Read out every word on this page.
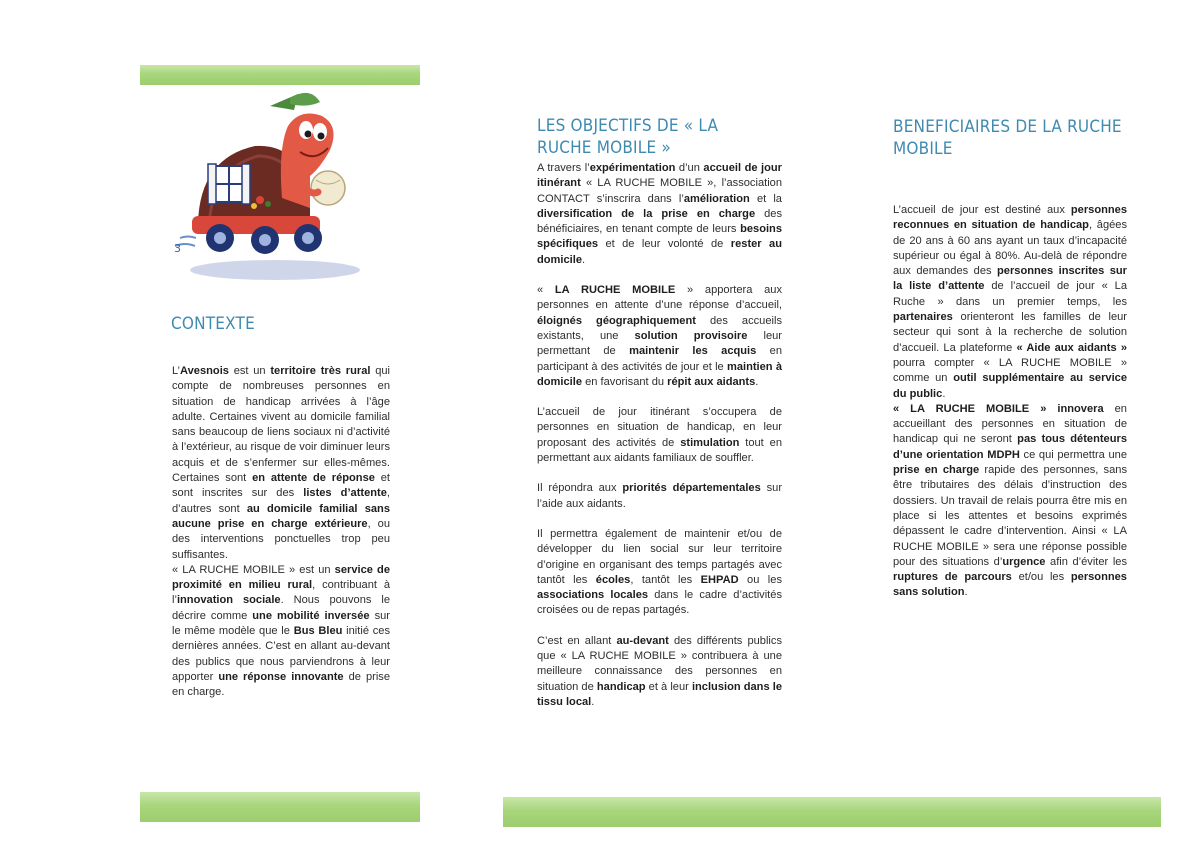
3
CONTEXTE

L’Avesnois est un territoire très rural qui compte de nombreuses personnes en situation de handicap arrivées à l’âge adulte. Certaines vivent au domicile familial sans beaucoup de liens sociaux ni d’activité à l’extérieur, au risque de voir diminuer leurs acquis et de s’enfermer sur elles-mêmes. Certaines sont en attente de réponse et sont inscrites sur des listes d’attente, d’autres sont au domicile familial sans aucune prise en charge extérieure, ou des interventions ponctuelles trop peu suffisantes.

« LA RUCHE MOBILE » est un service de proximité en milieu rural, contribuant à l’innovation sociale. Nous pouvons le décrire comme une mobilité inversée sur le même modèle que le Bus Bleu initié ces dernières années. C’est en allant au-devant des publics que nous parviendrons à leur apporter une réponse innovante de prise en charge.

LES OBJECTIFS DE « LA RUCHE MOBILE »

A travers l’expérimentation d’un accueil de jour itinérant « LA RUCHE MOBILE », l’association CONTACT s’inscrira dans l’amélioration et la diversification de la prise en charge des bénéficiaires, en tenant compte de leurs besoins spécifiques et de leur volonté de rester au domicile.

« LA RUCHE MOBILE » apportera aux personnes en attente d’une réponse d’accueil, éloignés géographiquement des accueils existants, une solution provisoire leur permettant de maintenir les acquis en participant à des activités de jour et le maintien à domicile en favorisant du répit aux aidants.

L’accueil de jour itinérant s’occupera de personnes en situation de handicap, en leur proposant des activités de stimulation tout en permettant aux aidants familiaux de souffler.

Il répondra aux priorités départementales sur l’aide aux aidants.

Il permettra également de maintenir et/ou de développer du lien social sur leur territoire d’origine en organisant des temps partagés avec tantôt les écoles, tantôt les EHPAD ou les associations locales dans le cadre d’activités croisées ou de repas partagés.

C’est en allant au-devant des différents publics que « LA RUCHE MOBILE » contribuera à une meilleure connaissance des personnes en situation de handicap et à leur inclusion dans le tissu local.

BENEFICIAIRES DE LA RUCHE MOBILE

L’accueil de jour est destiné aux personnes reconnues en situation de handicap, âgées de 20 ans à 60 ans ayant un taux d’incapacité supérieur ou égal à 80%. Au-delà de répondre aux demandes des personnes inscrites sur la liste d’attente de l’accueil de jour « La Ruche » dans un premier temps, les partenaires orienteront les familles de leur secteur qui sont à la recherche de solution d’accueil. La plateforme « Aide aux aidants » pourra compter « LA RUCHE MOBILE » comme un outil supplémentaire au service du public.

« LA RUCHE MOBILE » innovera en accueillant des personnes en situation de handicap qui ne seront pas tous détenteurs d’une orientation MDPH ce qui permettra une prise en charge rapide des personnes, sans être tributaires des délais d’instruction des dossiers. Un travail de relais pourra être mis en place si les attentes et besoins exprimés dépassent le cadre d’intervention. Ainsi « LA RUCHE MOBILE » sera une réponse possible pour des situations d’urgence afin d’éviter les ruptures de parcours et/ou les personnes sans solution.
